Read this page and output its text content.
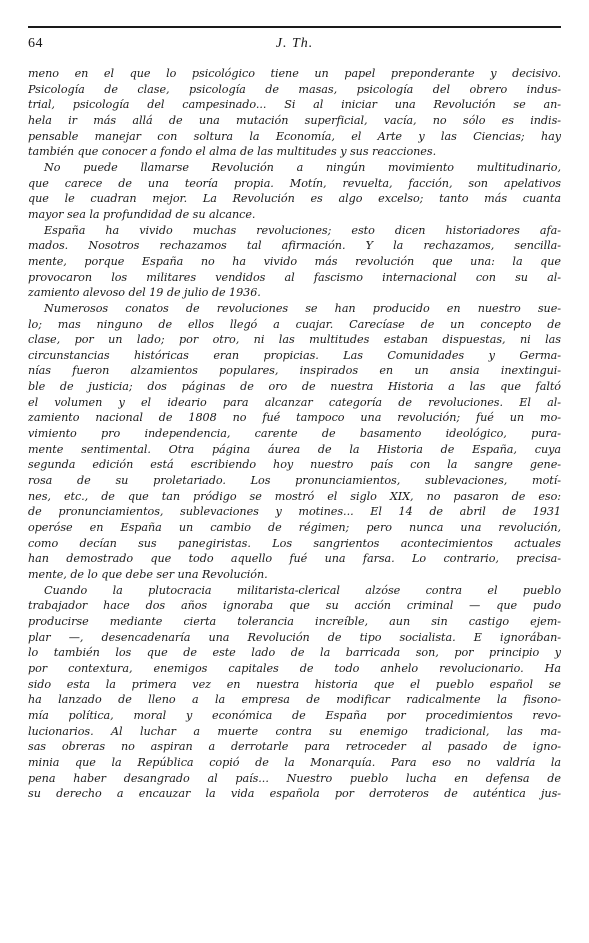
64	J. Th.

meno en el que lo psicológico tiene un papel preponderante y decisivo.
Psicología de clase, psicología de masas, psicología del obrero indus-
trial, psicología del campesinado... Si al iniciar una Revolución se an-
hela ir más allá de una mutación superficial, vacía, no sólo es indis-
pensable manejar con soltura la Economía, el Arte y las Ciencias; hay
también que conocer a fondo el alma de las multitudes y sus reacciones.

No puede llamarse Revolución a ningún movimiento multitudinario,
que carece de una teoría propia. Motín, revuelta, facción, son apelativos
que le cuadran mejor. La Revolución es algo excelso; tanto más cuanta
mayor sea la profundidad de su alcance.

España ha vivido muchas revoluciones; esto dicen historiadores afa-
mados. Nosotros rechazamos tal afirmación. Y la rechazamos, sencilla-
mente, porque España no ha vivido más revolución que una: la que
provocaron los militares vendidos al fascismo internacional con su al-
zamiento alevoso del 19 de julio de 1936.

Numerosos conatos de revoluciones se han producido en nuestro sue-
lo; mas ninguno de ellos llegó a cuajar. Carecíase de un concepto de
clase, por un lado; por otro, ni las multitudes estaban dispuestas, ni las
circunstancias históricas eran propicias. Las Comunidades y Germa-
nías fueron alzamientos populares, inspirados en un ansia inextingui-
ble de justicia; dos páginas de oro de nuestra Historia a las que faltó
el volumen y el ideario para alcanzar categoría de revoluciones. El al-
zamiento nacional de 1808 no fué tampoco una revolución; fué un mo-
vimiento pro independencia, carente de basamento ideológico, pura-
mente sentimental. Otra página áurea de la Historia de España, cuya
segunda edición está escribiendo hoy nuestro país con la sangre gene-
rosa de su proletariado. Los pronunciamientos, sublevaciones, motí-
nes, etc., de que tan pródigo se mostró el siglo XIX, no pasaron de eso:
de pronunciamientos, sublevaciones y motines... El 14 de abril de 1931
operóse en España un cambio de régimen; pero nunca una revolución,
como decían sus panegiristas. Los sangrientos acontecimientos actuales
han demostrado que todo aquello fué una farsa. Lo contrario, precisa-
mente, de lo que debe ser una Revolución.

Cuando la plutocracia militarista-clerical alzóse contra el pueblo
trabajador hace dos años ignoraba que su acción criminal — que pudo
producirse mediante cierta tolerancia increíble, aun sin castigo ejem-
plar —, desencadenaría una Revolución de tipo socialista. E ignorában-
lo también los que de este lado de la barricada son, por principio y
por contextura, enemigos capitales de todo anhelo revolucionario. Ha
sido esta la primera vez en nuestra historia que el pueblo español se
ha lanzado de lleno a la empresa de modificar radicalmente la fisono-
mía política, moral y económica de España por procedimientos revo-
lucionarios. Al luchar a muerte contra su enemigo tradicional, las ma-
sas obreras no aspiran a derrotarle para retroceder al pasado de igno-
minia que la República copió de la Monarquía. Para eso no valdría la
pena haber desangrado al país... Nuestro pueblo lucha en defensa de
su derecho a encauzar la vida española por derroteros de auténtica jus-
